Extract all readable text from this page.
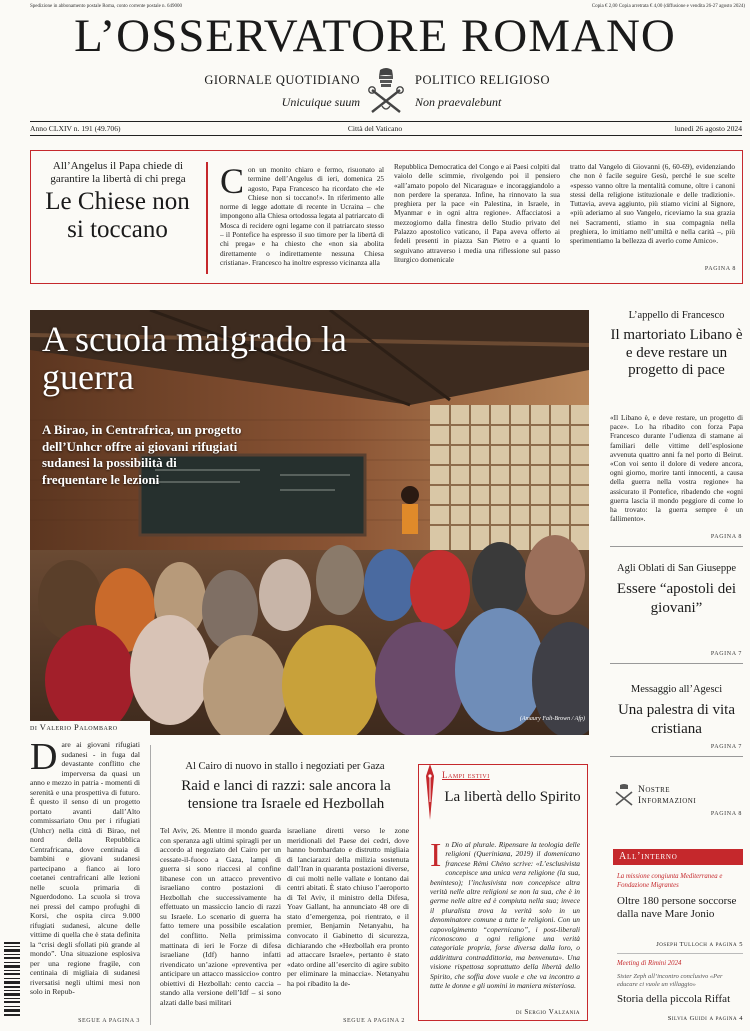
Spedizione in abbonamento postale Roma, conto corrente postale n. 649000	Copia € 2,00 Copia arretrata € 4,00 (diffusione e vendita 26-27 agosto 2024)
L’OSSERVATORE ROMANO
GIORNALE QUOTIDIANO	POLITICO RELIGIOSO
Unicuique suum	Non praevalebunt
Anno CLXIV n. 191 (49.706)	Città del Vaticano	lunedì 26 agosto 2024
All’Angelus il Papa chiede di garantire la libertà di chi prega
Le Chiese non si toccano
Con un monito chiaro e fermo, risuonato al termine dell’Angelus di ieri, domenica 25 agosto, Papa Francesco ha ricordato che «le Chiese non si toccano!». In riferimento alle norme di legge adottate di recente in Ucraina – che impongono alla Chiesa ortodossa legata al patriarcato di Mosca di recidere ogni legame con il patriarcato stesso – il Pontefice ha espresso il suo timore per la libertà di chi prega» e ha chiesto che «non sia abolita direttamente o indirettamente nessuna Chiesa cristiana». Francesco ha inoltre espresso vicinanza alla
Repubblica Democratica del Congo e ai Paesi colpiti dal vaiolo delle scimmie, rivolgendo poi il pensiero «all’amato popolo del Nicaragua» e incoraggiandolo a non perdere la speranza. Infine, ha rinnovato la sua preghiera per la pace «in Palestina, in Israele, in Myanmar e in ogni altra regione». Affacciatosi a mezzogiorno dalla finestra dello Studio privato del Palazzo apostolico vaticano, il Papa aveva offerto ai fedeli presenti in piazza San Pietro e a quanti lo seguivano attraverso i media una riflessione sul passo liturgico domenicale
tratto dal Vangelo di Giovanni (6, 60-69), evidenziando che non è facile seguire Gesù, perché le sue scelte «spesso vanno oltre la mentalità comune, oltre i canoni stessi della religione istituzionale e delle tradizioni». Tuttavia, aveva aggiunto, più stiamo vicini al Signore, «più aderiamo al suo Vangelo, riceviamo la sua grazia nei Sacramenti, stiamo in sua compagnia nella preghiera, lo imitiamo nell’umiltà e nella carità –, più sperimentiamo la bellezza di averlo come Amico».
PAGINA 8
A scuola malgrado la guerra
A Birao, in Centrafrica, un progetto dell’Unhcr offre ai giovani rifugiati sudanesi la possibilità di frequentare le lezioni
(Amaury Falt-Brown / Afp)
di Valerio Palombaro
Dare ai giovani rifugiati sudanesi - in fuga dal devastante conflitto che imperversa da quasi un anno e mezzo in patria - momenti di serenità e una prospettiva di futuro. È questo il senso di un progetto portato avanti dall’Alto commissariato Onu per i rifugiati (Unhcr) nella città di Birao, nel nord della Repubblica Centrafricana, dove centinaia di bambini e giovani sudanesi partecipano a fianco ai loro coetanei centrafricani alle lezioni nelle scuola primaria di Nguerdodono. La scuola si trova nei pressi del campo profughi di Korsi, che ospita circa 9.000 rifugiati sudanesi, alcune delle vittime di quella che è stata definita la “crisi degli sfollati più grande al mondo”. Una situazione esplosiva per una regione fragile, con centinaia di migliaia di sudanesi riversatisi negli ultimi mesi non solo in Repub-
SEGUE A PAGINA 3
Al Cairo di nuovo in stallo i negoziati per Gaza
Raid e lanci di razzi: sale ancora la tensione tra Israele ed Hezbollah
Tel Aviv, 26. Mentre il mondo guarda con speranza agli ultimi spiragli per un accordo al negoziato del Cairo per un cessate-il-fuoco a Gaza, lampi di guerra si sono riaccesi al confine libanese con un attacco preventivo israeliano contro postazioni di Hezbollah che successivamente ha effettuato un massiccio lancio di razzi su Israele. Lo scenario di guerra ha fatto temere una possibile escalation del conflitto. Nella primissima mattinata di ieri le Forze di difesa israeliane (Idf) hanno infatti rivendicato un’azione «preventiva per anticipare un attacco massiccio» contro obiettivi di Hezbollah: cento caccia – stando alla versione dell’Idf – si sono alzati dalle basi militari
israeliane diretti verso le zone meridionali del Paese dei cedri, dove hanno bombardato e distrutto migliaia di lanciarazzi della milizia sostenuta dall’Iran in quaranta postazioni diverse, di cui molti nelle vallate e lontano dai centri abitati. È stato chiuso l’aeroporto di Tel Aviv, il ministro della Difesa, Yoav Gallant, ha annunciato 48 ore di stato d’emergenza, poi rientrato, e il premier, Benjamin Netanyahu, ha convocato il Gabinetto di sicurezza, dichiarando che «Hezbollah era pronto ad attaccare Israele», pertanto è stato «dato ordine all’esercito di agire subito per eliminare la minaccia». Netanyahu ha poi ribadito la de-
SEGUE A PAGINA 2
Lampi estivi
La libertà dello Spirito
In Dio al plurale. Ripensare la teologia delle religioni (Queriniana, 2019) il domenicano francese Rémi Chéno scrive: «L’esclusivista concepisce una unica vera religione (la sua, beninteso); l’inclusivista non concepisce altra verità nelle altre religioni se non la sua, che è in germe nelle altre ed è compiuta nella sua; invece il pluralista trova la verità solo in un denominatore comune a tutte le religioni. Con un capovolgimento “copernicano”, i post-liberali riconoscono a ogni religione una verità categoriale propria, forse diversa dalla loro, o addirittura contraddittoria, ma benvenuta». Una visione rispettosa soprattutto della libertà dello Spirito, che soffia dove vuole e che va incontro a tutte le donne e gli uomini in maniera misteriosa.
di Sergio Valzania
L’appello di Francesco
Il martoriato Libano è e deve restare un progetto di pace
«Il Libano è, e deve restare, un progetto di pace». Lo ha ribadito con forza Papa Francesco durante l’udienza di stamane ai familiari delle vittime dell’esplosione avvenuta quattro anni fa nel porto di Beirut. «Con voi sento il dolore di vedere ancora, ogni giorno, morire tanti innocenti, a causa della guerra nella vostra regione» ha assicurato il Pontefice, ribadendo che «ogni guerra lascia il mondo peggiore di come lo ha trovato: la guerra sempre è un fallimento».
PAGINA 8
Agli Oblati di San Giuseppe
Essere “apostoli dei giovani”
PAGINA 7
Messaggio all’Agesci
Una palestra di vita cristiana
PAGINA 7
Nostre Informazioni
PAGINA 8
All’interno
La missione congiunta Mediterranea e Fondazione Migrantes
Oltre 180 persone soccorse dalla nave Mare Jonio
Joseph Tulloch a pagina 5
Meeting di Rimini 2024
Sister Zeph all’incontro conclusivo «Per educare ci vuole un villaggio»
Storia della piccola Riffat
Silvia Guidi a pagina 4
